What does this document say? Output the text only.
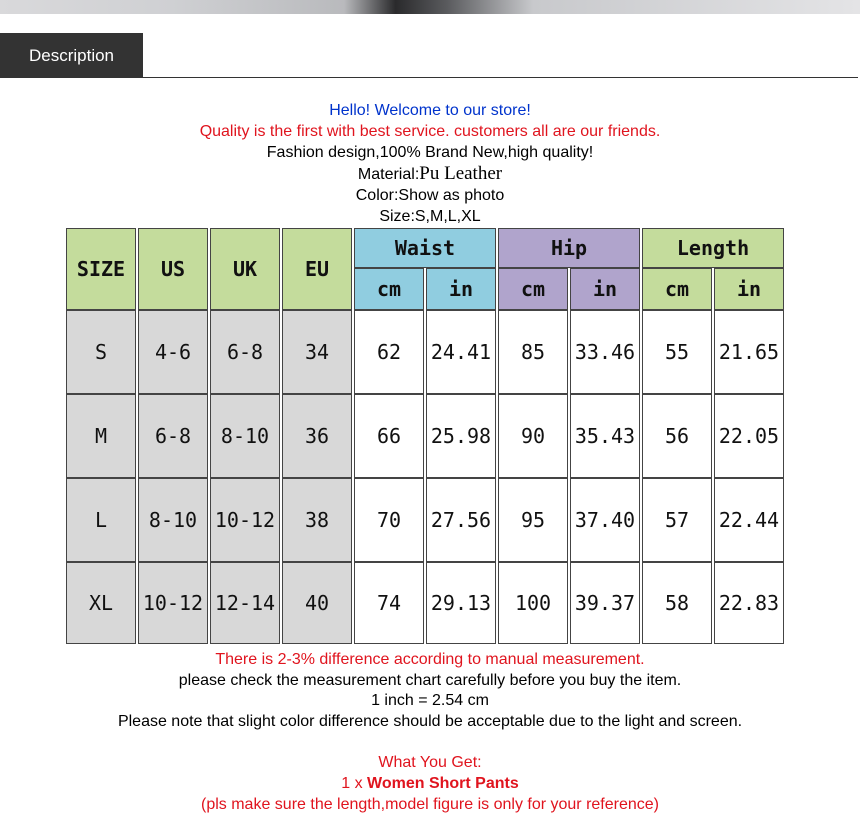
Description
Hello! Welcome to our store!
Quality is the first with best service. customers all are our friends.
Fashion design,100% Brand New,high quality!
Material:Pu Leather
Color:Show as photo
Size:S,M,L,XL
SIZE	US	UK	EU	Waist		Hip		Length	
				cm	in	cm	in	cm	in
S	4-6	6-8	34	62	24.41	85	33.46	55	21.65
M	6-8	8-10	36	66	25.98	90	35.43	56	22.05
L	8-10	10-12	38	70	27.56	95	37.40	57	22.44
XL	10-12	12-14	40	74	29.13	100	39.37	58	22.83
There is 2-3% difference according to manual measurement.
please check the measurement chart carefully before you buy the item.
1 inch = 2.54 cm
Please note that slight color difference should be acceptable due to the light and screen.
What You Get:
1 x Women Short Pants
(pls make sure the length,model figure is only for your reference)
